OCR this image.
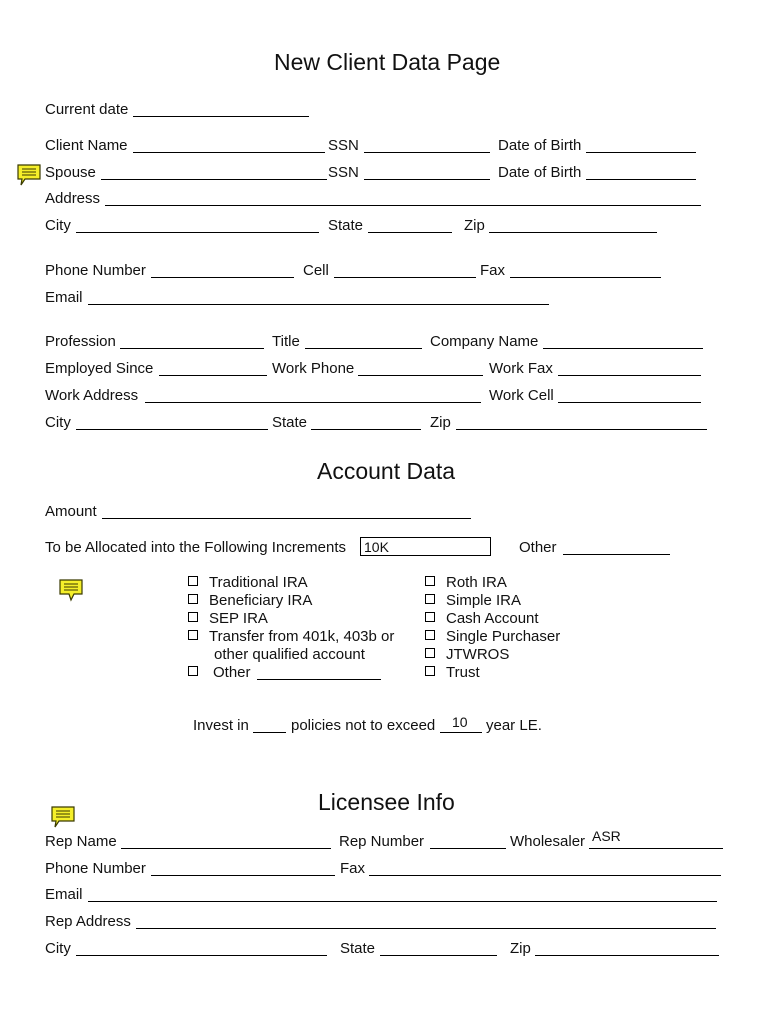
New Client Data Page
Current date
Client Name	SSN	Date of Birth
Spouse	SSN	Date of Birth
Address
City	State	Zip
Phone Number	Cell	Fax
Email
Profession	Title	Company Name
Employed Since	Work Phone	Work Fax
Work Address	Work Cell
City	State	Zip
Account Data
Amount
To be Allocated into the Following Increments 10K	Other
Traditional IRA
Beneficiary IRA
SEP IRA
Transfer from 401k, 403b or
other qualified account
Other
Roth IRA
Simple IRA
Cash Account
Single Purchaser
JTWROS
Trust
Invest in	policies not to exceed 10 year LE.
Licensee Info
Rep Name	Rep Number	Wholesaler ASR
Phone Number	Fax
Email
Rep Address
City	State	Zip
